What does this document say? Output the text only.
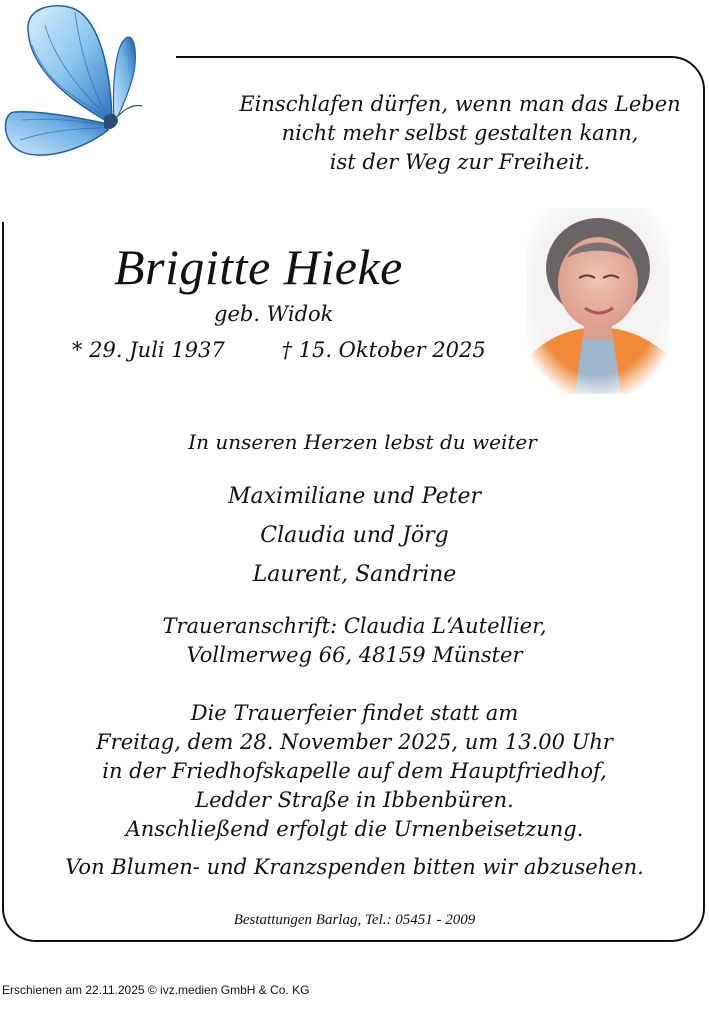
Einschlafen dürfen, wenn man das Leben
nicht mehr selbst gestalten kann,
ist der Weg zur Freiheit.
Brigitte Hieke
geb. Widok
* 29. Juli 1937	† 15. Oktober 2025
In unseren Herzen lebst du weiter
Maximiliane und Peter
Claudia und Jörg
Laurent, Sandrine
Traueranschrift: Claudia L‘Autellier,
Vollmerweg 66, 48159 Münster
Die Trauerfeier findet statt am
Freitag, dem 28. November 2025, um 13.00 Uhr
in der Friedhofskapelle auf dem Hauptfriedhof,
Ledder Straße in Ibbenbüren.
Anschließend erfolgt die Urnenbeisetzung.
Von Blumen- und Kranzspenden bitten wir abzusehen.
Bestattungen Barlag, Tel.: 05451 - 2009
Erschienen am 22.11.2025 © ivz.medien GmbH & Co. KG
